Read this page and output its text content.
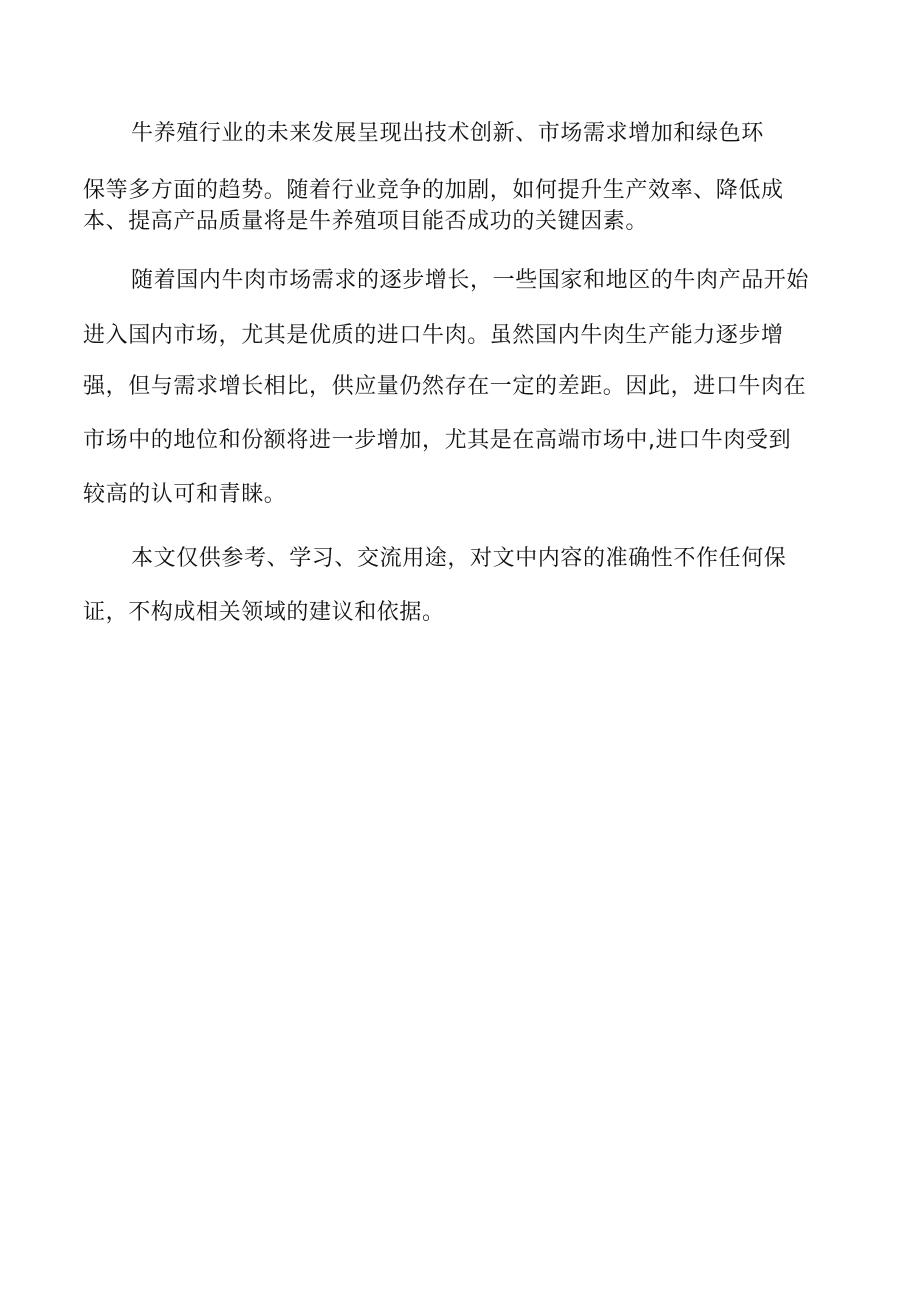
牛养殖行业的未来发展呈现出技术创新、市场需求增加和绿色环
保等多方面的趋势。随着行业竞争的加剧，如何提升生产效率、降低成
本、提高产品质量将是牛养殖项目能否成功的关键因素。
随着国内牛肉市场需求的逐步增长，一些国家和地区的牛肉产品开始
进入国内市场，尤其是优质的进口牛肉。虽然国内牛肉生产能力逐步增
强，但与需求增长相比，供应量仍然存在一定的差距。因此，进口牛肉在
市场中的地位和份额将进一步增加，尤其是在高端市场中,进口牛肉受到
较高的认可和青睐。
本文仅供参考、学习、交流用途，对文中内容的准确性不作任何保
证，不构成相关领域的建议和依据。
